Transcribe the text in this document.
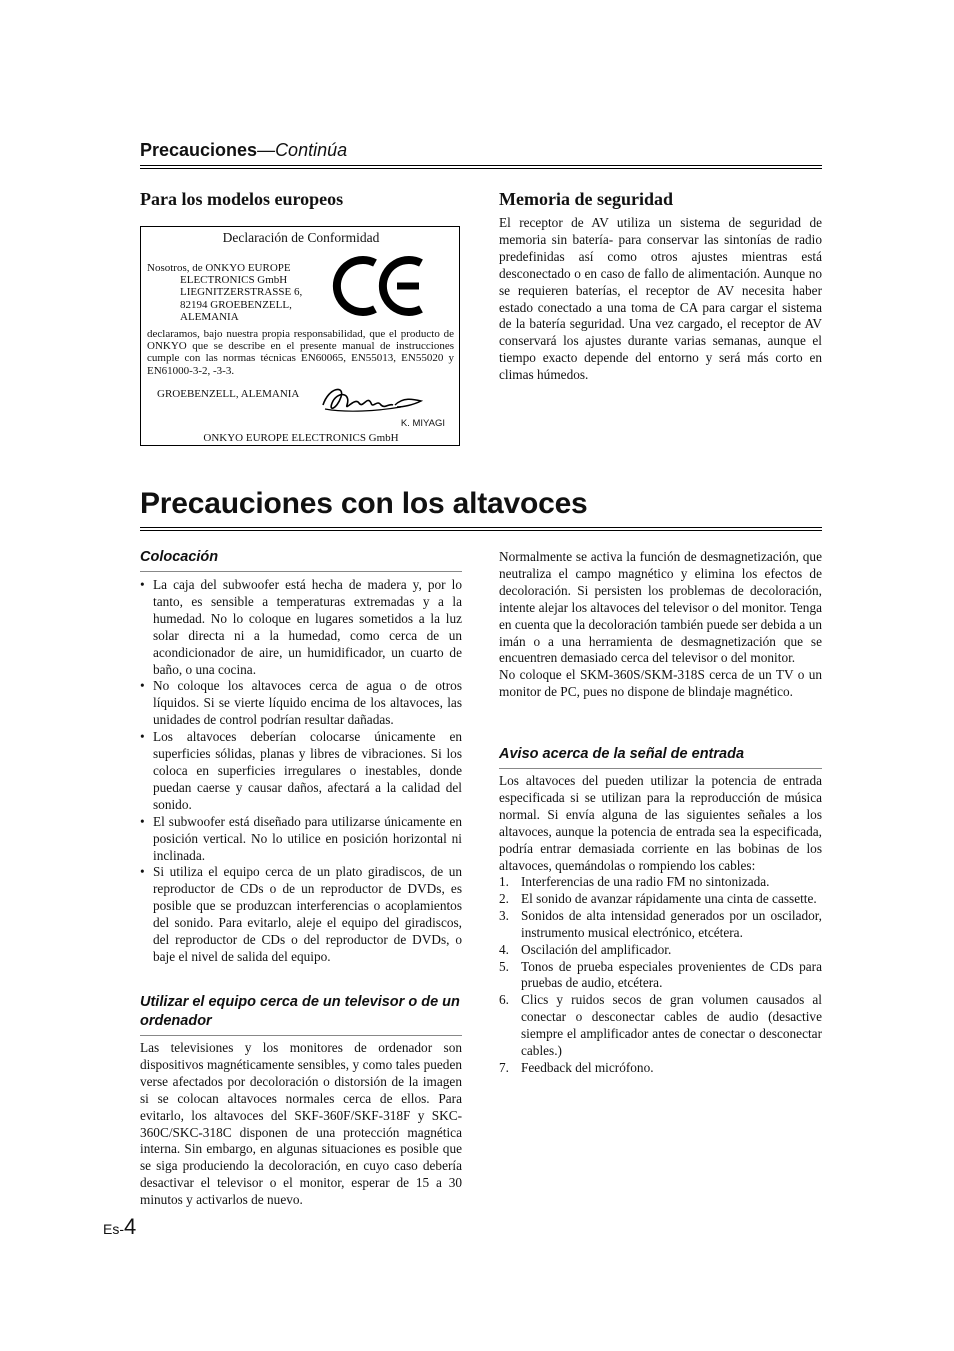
Precauciones—Continúa
Para los modelos europeos
Declaración de Conformidad
Nosotros, de ONKYO EUROPE
ELECTRONICS GmbH
LIEGNITZERSTRASSE 6,
82194 GROEBENZELL,
ALEMANIA
declaramos, bajo nuestra propia responsabilidad, que el producto de ONKYO que se describe en el presente manual de instrucciones cumple con las normas técnicas EN60065, EN55013, EN55020 y EN61000-3-2, -3-3.
GROEBENZELL, ALEMANIA
K. MIYAGI
ONKYO EUROPE ELECTRONICS GmbH
Memoria de seguridad
El receptor de AV utiliza un sistema de seguridad de memoria sin batería- para conservar las sintonías de radio predefinidas así como otros ajustes mientras está desconectado o en caso de fallo de alimentación. Aunque no se requieren baterías, el receptor de AV necesita haber estado conectado a una toma de CA para cargar el sistema de la batería seguridad. Una vez cargado, el receptor de AV conservará los ajustes durante varias semanas, aunque el tiempo exacto depende del entorno y será más corto en climas húmedos.
Precauciones con los altavoces
Colocación
• La caja del subwoofer está hecha de madera y, por lo tanto, es sensible a temperaturas extremadas y a la humedad. No lo coloque en lugares sometidos a la luz solar directa ni a la humedad, como cerca de un acondicionador de aire, un humidificador, un cuarto de baño, o una cocina.
• No coloque los altavoces cerca de agua o de otros líquidos. Si se vierte líquido encima de los altavoces, las unidades de control podrían resultar dañadas.
• Los altavoces deberían colocarse únicamente en superficies sólidas, planas y libres de vibraciones. Si los coloca en superficies irregulares o inestables, donde puedan caerse y causar daños, afectará a la calidad del sonido.
• El subwoofer está diseñado para utilizarse únicamente en posición vertical. No lo utilice en posición horizontal ni inclinada.
• Si utiliza el equipo cerca de un plato giradiscos, de un reproductor de CDs o de un reproductor de DVDs, es posible que se produzcan interferencias o acoplamientos del sonido. Para evitarlo, aleje el equipo del giradiscos, del reproductor de CDs o del reproductor de DVDs, o baje el nivel de salida del equipo.
Utilizar el equipo cerca de un televisor o de un ordenador
Las televisiones y los monitores de ordenador son dispositivos magnéticamente sensibles, y como tales pueden verse afectados por decoloración o distorsión de la imagen si se colocan altavoces normales cerca de ellos. Para evitarlo, los altavoces del SKF-360F/SKF-318F y SKC-360C/SKC-318C disponen de una protección magnética interna. Sin embargo, en algunas situaciones es posible que se siga produciendo la decoloración, en cuyo caso debería desactivar el televisor o el monitor, esperar de 15 a 30 minutos y activarlos de nuevo.
Normalmente se activa la función de desmagnetización, que neutraliza el campo magnético y elimina los efectos de decoloración. Si persisten los problemas de decoloración, intente alejar los altavoces del televisor o del monitor. Tenga en cuenta que la decoloración también puede ser debida a un imán o a una herramienta de desmagnetización que se encuentren demasiado cerca del televisor o del monitor.
No coloque el SKM-360S/SKM-318S cerca de un TV o un monitor de PC, pues no dispone de blindaje magnético.
Aviso acerca de la señal de entrada
Los altavoces del pueden utilizar la potencia de entrada especificada si se utilizan para la reproducción de música normal. Si envía alguna de las siguientes señales a los altavoces, aunque la potencia de entrada sea la especificada, podría entrar demasiada corriente en las bobinas de los altavoces, quemándolas o rompiendo los cables:
1. Interferencias de una radio FM no sintonizada.
2. El sonido de avanzar rápidamente una cinta de cassette.
3. Sonidos de alta intensidad generados por un oscilador, instrumento musical electrónico, etcétera.
4. Oscilación del amplificador.
5. Tonos de prueba especiales provenientes de CDs para pruebas de audio, etcétera.
6. Clics y ruidos secos de gran volumen causados al conectar o desconectar cables de audio (desactive siempre el amplificador antes de conectar o desconectar cables.)
7. Feedback del micrófono.
Es-4
